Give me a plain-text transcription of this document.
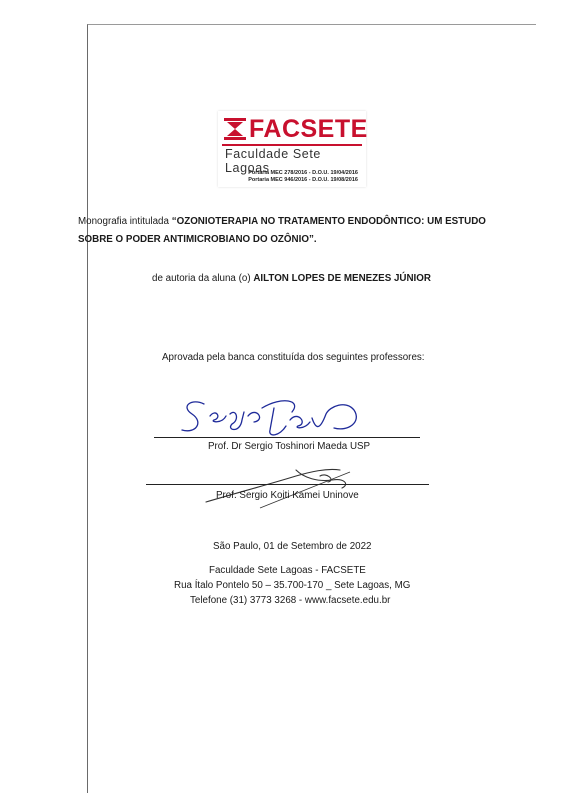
FACSETE
Faculdade Sete Lagoas
Portaria MEC 278/2016 - D.O.U. 19/04/2016
Portaria MEC 946/2016 - D.O.U. 19/08/2016
Monografia intitulada “OZONIOTERAPIA NO TRATAMENTO ENDODÔNTICO: UM ESTUDO
SOBRE O PODER ANTIMICROBIANO DO OZÔNIO”.
de autoria da aluna (o) AILTON LOPES DE MENEZES JÚNIOR
Aprovada pela banca constituída dos seguintes professores:
Prof. Dr Sergio Toshinori Maeda USP
Prof. Sergio Koiti Kamei Uninove
São Paulo, 01 de Setembro de 2022
Faculdade Sete Lagoas - FACSETE
Rua Ítalo Pontelo 50 – 35.700-170 _ Sete Lagoas, MG
Telefone (31) 3773 3268 - www.facsete.edu.br
